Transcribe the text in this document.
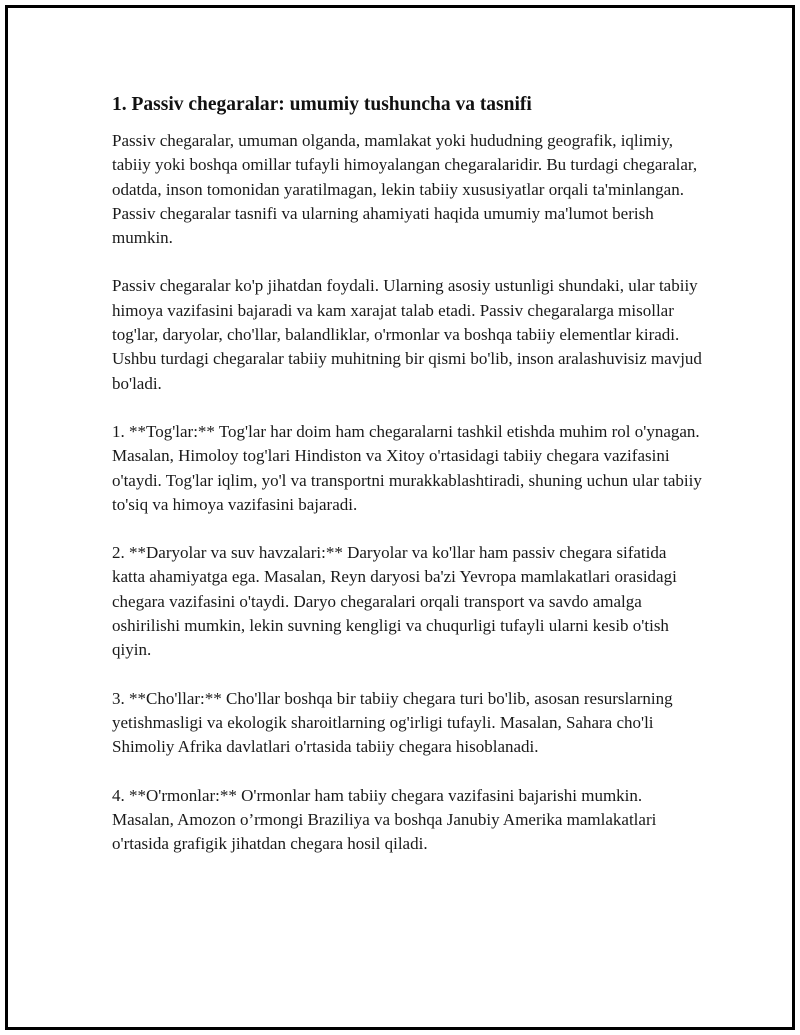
1. Passiv chegaralar: umumiy tushuncha va tasnifi

Passiv chegaralar, umuman olganda, mamlakat yoki hududning geografik, iqlimiy, tabiiy yoki boshqa omillar tufayli himoyalangan chegaralaridir. Bu turdagi chegaralar, odatda, inson tomonidan yaratilmagan, lekin tabiiy xususiyatlar orqali ta'minlangan. Passiv chegaralar tasnifi va ularning ahamiyati haqida umumiy ma'lumot berish mumkin.

Passiv chegaralar ko'p jihatdan foydali. Ularning asosiy ustunligi shundaki, ular tabiiy himoya vazifasini bajaradi va kam xarajat talab etadi. Passiv chegaralarga misollar tog'lar, daryolar, cho'llar, balandliklar, o'rmonlar va boshqa tabiiy elementlar kiradi. Ushbu turdagi chegaralar tabiiy muhitning bir qismi bo'lib, inson aralashuvisiz mavjud bo'ladi.

1. **Tog'lar:** Tog'lar har doim ham chegaralarni tashkil etishda muhim rol o'ynagan. Masalan, Himoloy tog'lari Hindiston va Xitoy o'rtasidagi tabiiy chegara vazifasini o'taydi. Tog'lar iqlim, yo'l va transportni murakkablashtiradi, shuning uchun ular tabiiy to'siq va himoya vazifasini bajaradi.

2. **Daryolar va suv havzalari:** Daryolar va ko'llar ham passiv chegara sifatida katta ahamiyatga ega. Masalan, Reyn daryosi ba'zi Yevropa mamlakatlari orasidagi chegara vazifasini o'taydi. Daryo chegaralari orqali transport va savdo amalga oshirilishi mumkin, lekin suvning kengligi va chuqurligi tufayli ularni kesib o'tish qiyin.

3. **Cho'llar:** Cho'llar boshqa bir tabiiy chegara turi bo'lib, asosan resurslarning yetishmasligi va ekologik sharoitlarning og'irligi tufayli. Masalan, Sahara cho'li Shimoliy Afrika davlatlari o'rtasida tabiiy chegara hisoblanadi.

4. **O'rmonlar:** O'rmonlar ham tabiiy chegara vazifasini bajarishi mumkin. Masalan, Amozon o’rmongi Braziliya va boshqa Janubiy Amerika mamlakatlari o'rtasida grafigik jihatdan chegara hosil qiladi.
